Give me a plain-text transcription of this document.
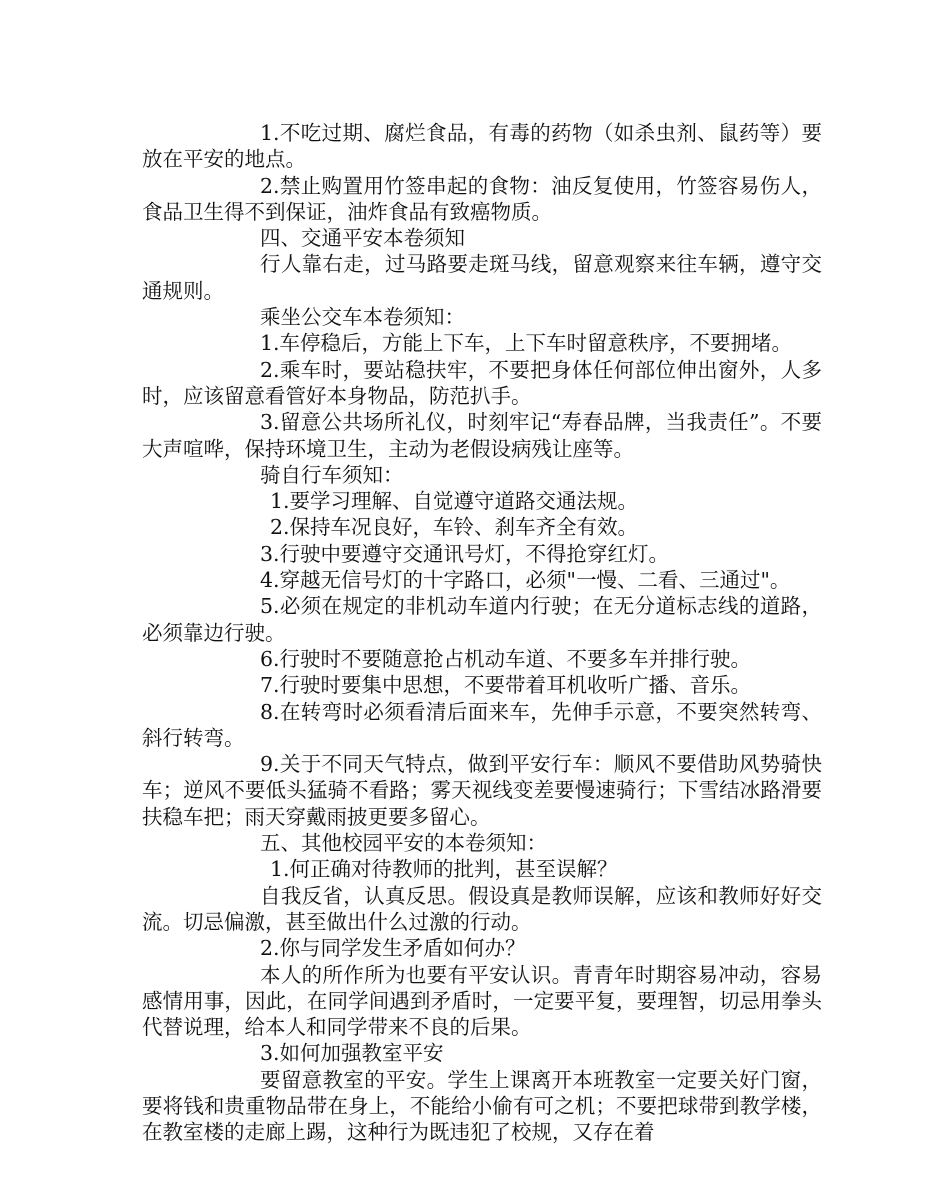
1.不吃过期、腐烂食品，有毒的药物（如杀虫剂、鼠药等）要放在平安的地点。

2.禁止购置用竹签串起的食物：油反复使用，竹签容易伤人，食品卫生得不到保证，油炸食品有致癌物质。

四、交通平安本卷须知

行人靠右走，过马路要走斑马线，留意观察来往车辆，遵守交通规则。

乘坐公交车本卷须知：

1.车停稳后，方能上下车，上下车时留意秩序，不要拥堵。

2.乘车时，要站稳扶牢，不要把身体任何部位伸出窗外，人多时，应该留意看管好本身物品，防范扒手。

3.留意公共场所礼仪，时刻牢记“寿春品牌，当我责任”。不要大声喧哗，保持环境卫生，主动为老假设病残让座等。

骑自行车须知：

1.要学习理解、自觉遵守道路交通法规。

2.保持车况良好，车铃、刹车齐全有效。

3.行驶中要遵守交通讯号灯，不得抢穿红灯。

4.穿越无信号灯的十字路口，必须"一慢、二看、三通过"。

5.必须在规定的非机动车道内行驶；在无分道标志线的道路，必须靠边行驶。

6.行驶时不要随意抢占机动车道、不要多车并排行驶。

7.行驶时要集中思想，不要带着耳机收听广播、音乐。

8.在转弯时必须看清后面来车，先伸手示意，不要突然转弯、斜行转弯。

9.关于不同天气特点，做到平安行车：顺风不要借助风势骑快车；逆风不要低头猛骑不看路；雾天视线变差要慢速骑行；下雪结冰路滑要扶稳车把；雨天穿戴雨披更要多留心。

五、其他校园平安的本卷须知：

1.何正确对待教师的批判，甚至误解？

自我反省，认真反思。假设真是教师误解，应该和教师好好交流。切忌偏激，甚至做出什么过激的行动。

2.你与同学发生矛盾如何办？

本人的所作所为也要有平安认识。青青年时期容易冲动，容易感情用事，因此，在同学间遇到矛盾时，一定要平复，要理智，切忌用拳头代替说理，给本人和同学带来不良的后果。

3.如何加强教室平安

要留意教室的平安。学生上课离开本班教室一定要关好门窗，要将钱和贵重物品带在身上，不能给小偷有可之机；不要把球带到教学楼，在教室楼的走廊上踢，这种行为既违犯了校规，又存在着
